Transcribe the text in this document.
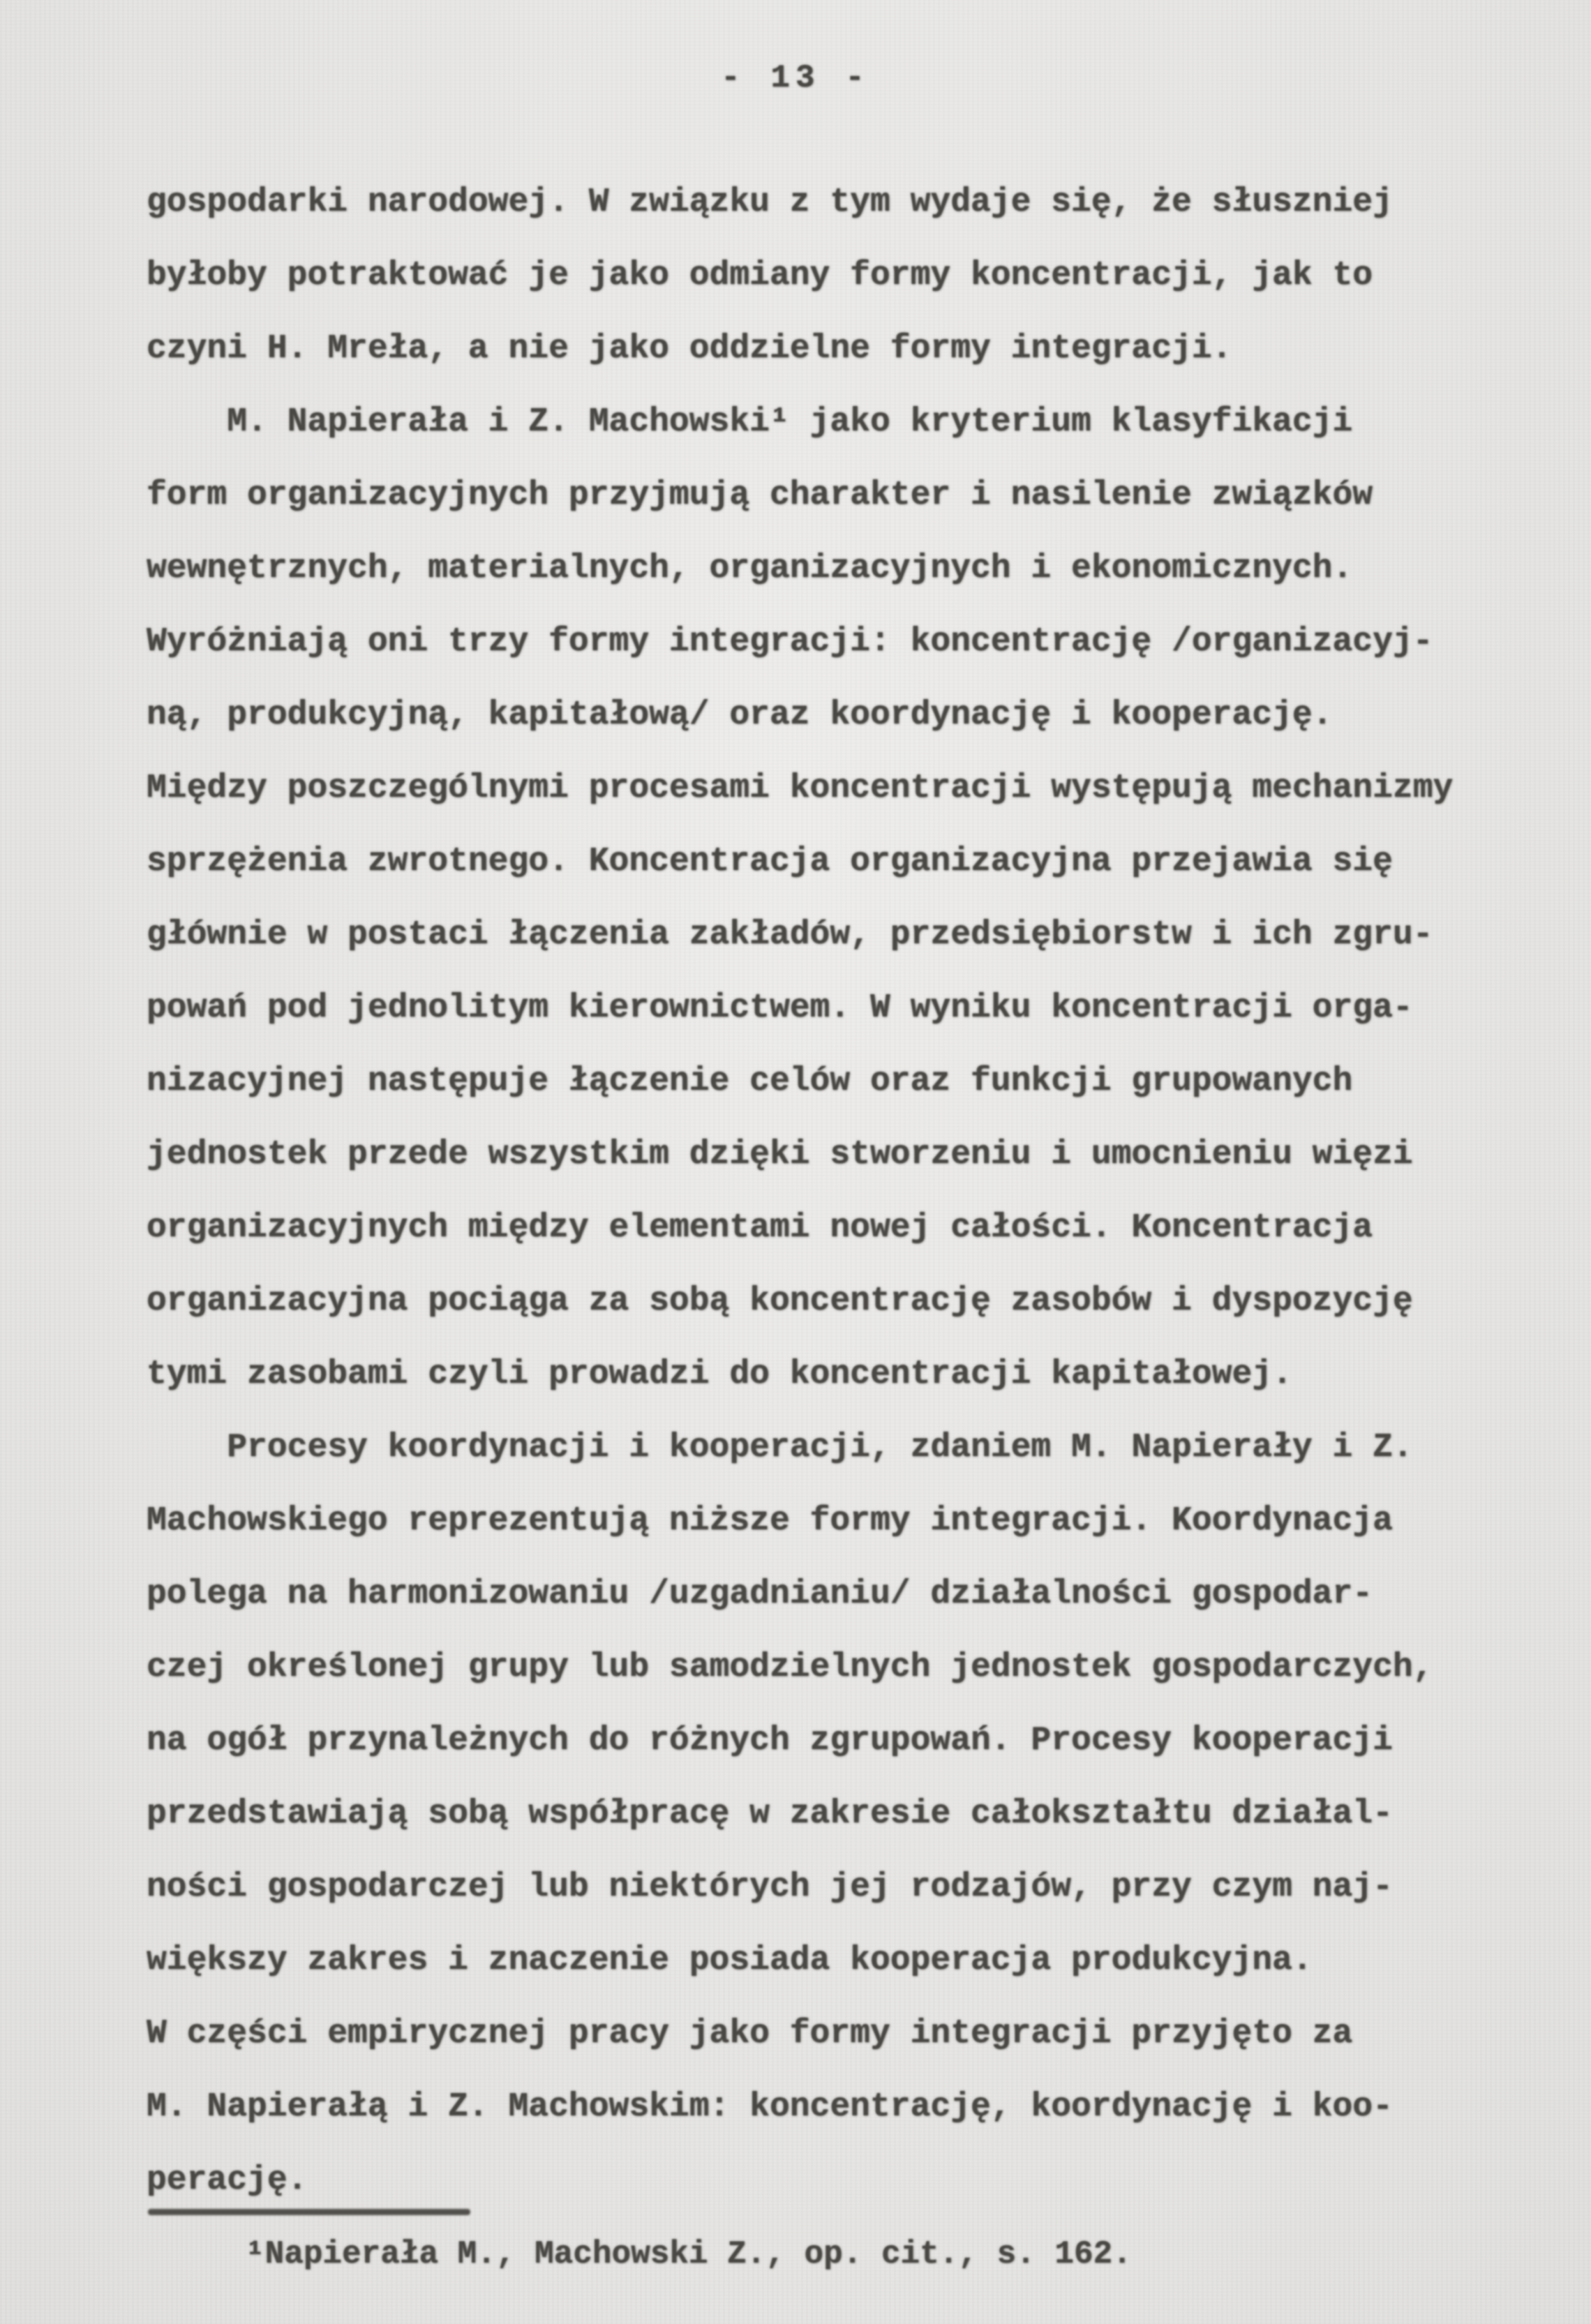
- 13 -
gospodarki narodowej. W związku z tym wydaje się, że słuszniej
byłoby potraktować je jako odmiany formy koncentracji, jak to
czyni H. Mreła, a nie jako oddzielne formy integracji.
M. Napierała i Z. Machowski¹ jako kryterium klasyfikacji
form organizacyjnych przyjmują charakter i nasilenie związków
wewnętrznych, materialnych, organizacyjnych i ekonomicznych.
Wyróżniają oni trzy formy integracji: koncentrację /organizacyj-
ną, produkcyjną, kapitałową/ oraz koordynację i kooperację.
Między poszczególnymi procesami koncentracji występują mechanizmy
sprzężenia zwrotnego. Koncentracja organizacyjna przejawia się
głównie w postaci łączenia zakładów, przedsiębiorstw i ich zgru-
powań pod jednolitym kierownictwem. W wyniku koncentracji orga-
nizacyjnej następuje łączenie celów oraz funkcji grupowanych
jednostek przede wszystkim dzięki stworzeniu i umocnieniu więzi
organizacyjnych między elementami nowej całości. Koncentracja
organizacyjna pociąga za sobą koncentrację zasobów i dyspozycję
tymi zasobami czyli prowadzi do koncentracji kapitałowej.
Procesy koordynacji i kooperacji, zdaniem M. Napierały i Z.
Machowskiego reprezentują niższe formy integracji. Koordynacja
polega na harmonizowaniu /uzgadnianiu/ działalności gospodar-
czej określonej grupy lub samodzielnych jednostek gospodarczych,
na ogół przynależnych do różnych zgrupowań. Procesy kooperacji
przedstawiają sobą współpracę w zakresie całokształtu działal-
ności gospodarczej lub niektórych jej rodzajów, przy czym naj-
większy zakres i znaczenie posiada kooperacja produkcyjna.
W części empirycznej pracy jako formy integracji przyjęto za
M. Napierałą i Z. Machowskim: koncentrację, koordynację i koo-
perację.
¹Napierała M., Machowski Z., op. cit., s. 162.
